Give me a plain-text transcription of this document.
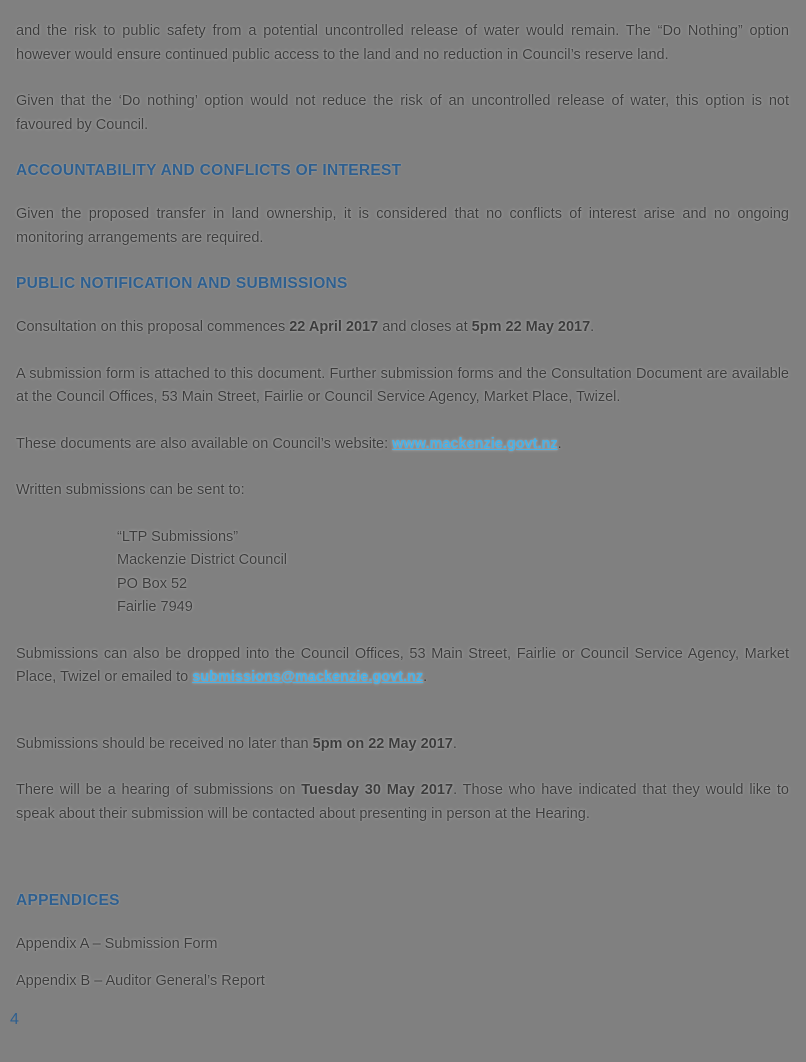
and the risk to public safety from a potential uncontrolled release of water would remain. The “Do Nothing” option however would ensure continued public access to the land and no reduction in Council’s reserve land.

Given that the ‘Do nothing’ option would not reduce the risk of an uncontrolled release of water, this option is not favoured by Council.

ACCOUNTABILITY AND CONFLICTS OF INTEREST

Given the proposed transfer in land ownership, it is considered that no conflicts of interest arise and no ongoing monitoring arrangements are required.

PUBLIC NOTIFICATION AND SUBMISSIONS

Consultation on this proposal commences 22 April 2017 and closes at 5pm 22 May 2017.

A submission form is attached to this document. Further submission forms and the Consultation Document are available at the Council Offices, 53 Main Street, Fairlie or Council Service Agency, Market Place, Twizel.

These documents are also available on Council’s website: www.mackenzie.govt.nz.

Written submissions can be sent to:

“LTP Submissions”
Mackenzie District Council
PO Box 52
Fairlie 7949

Submissions can also be dropped into the Council Offices, 53 Main Street, Fairlie or Council Service Agency, Market Place, Twizel or emailed to submissions@mackenzie.govt.nz.

Submissions should be received no later than 5pm on 22 May 2017.

There will be a hearing of submissions on Tuesday 30 May 2017. Those who have indicated that they would like to speak about their submission will be contacted about presenting in person at the Hearing.

APPENDICES

Appendix A – Submission Form

Appendix B – Auditor General’s Report

4
